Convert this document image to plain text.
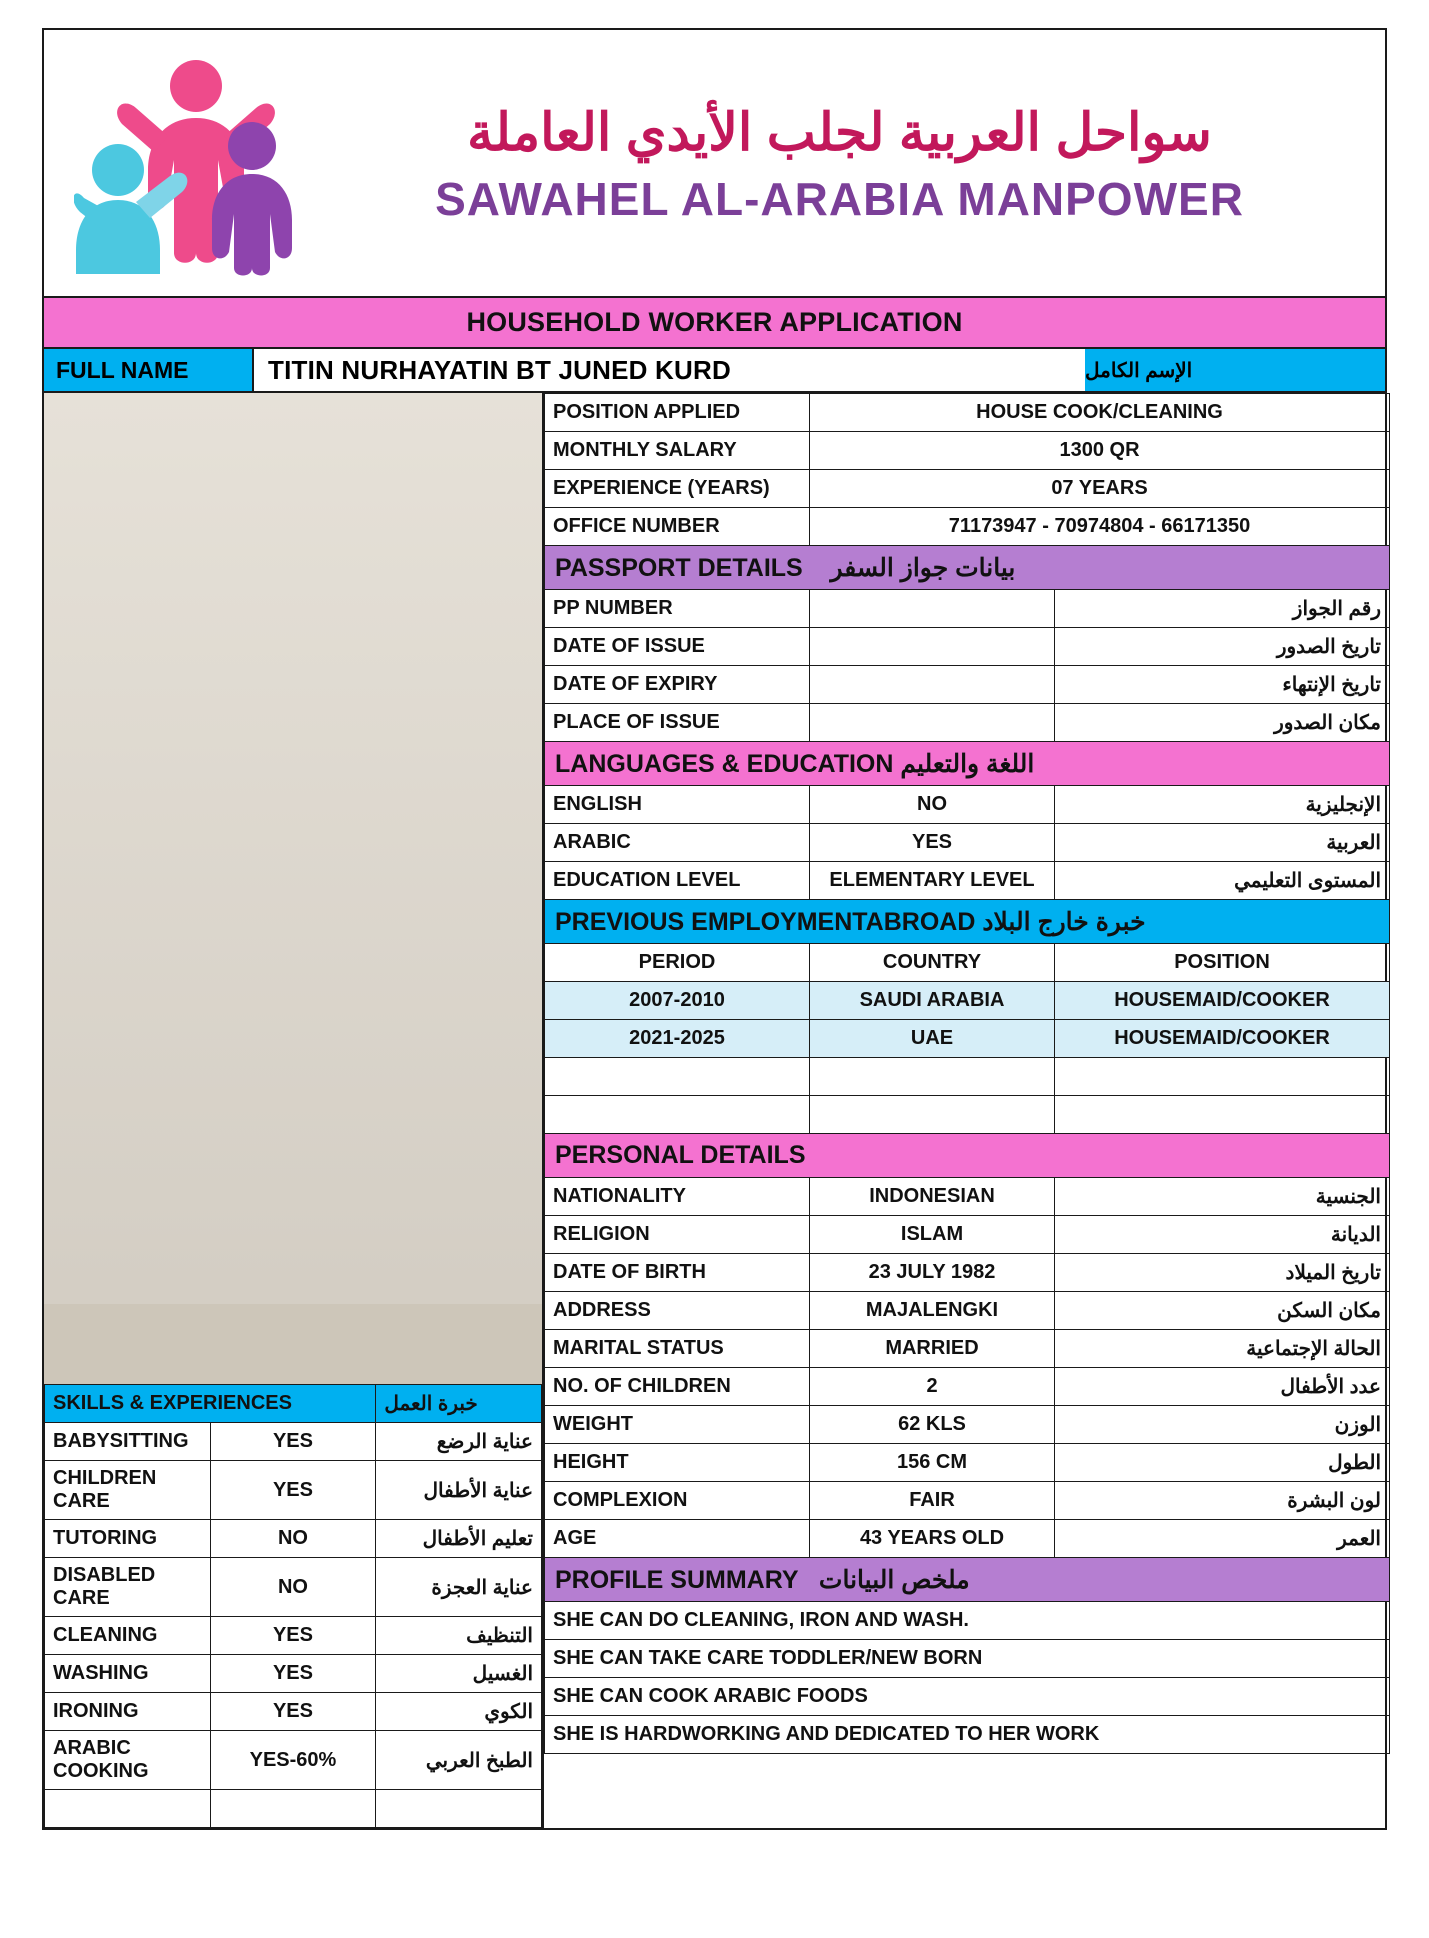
سواحل العربية لجلب الأيدي العاملة
SAWAHEL AL-ARABIA MANPOWER
HOUSEHOLD WORKER APPLICATION
FULL NAME	TITIN NURHAYATIN BT JUNED KURD	الإسم الكامل
SKILLS & EXPERIENCES		خبرة العمل
BABYSITTING	YES	عناية الرضع
CHILDREN CARE	YES	عناية الأطفال
TUTORING	NO	تعليم الأطفال
DISABLED CARE	NO	عناية العجزة
CLEANING	YES	التنظيف
WASHING	YES	الغسيل
IRONING	YES	الكوي
ARABIC COOKING	YES-60%	الطبخ العربي

POSITION APPLIED	HOUSE COOK/CLEANING	
MONTHLY SALARY	1300 QR	
EXPERIENCE (YEARS)	07 YEARS	
OFFICE NUMBER	71173947 - 70974804 - 66171350	
PASSPORT DETAILS بيانات جواز السفر		
PP NUMBER		رقم الجواز
DATE OF ISSUE		تاريخ الصدور
DATE OF EXPIRY		تاريخ الإنتهاء
PLACE OF ISSUE		مكان الصدور
LANGUAGES & EDUCATION اللغة والتعليم		
ENGLISH	NO	الإنجليزية
ARABIC	YES	العربية
EDUCATION LEVEL	ELEMENTARY LEVEL	المستوى التعليمي
PREVIOUS EMPLOYMENTABROAD خبرة خارج البلاد		
PERIOD	COUNTRY	POSITION
2007-2010	SAUDI ARABIA	HOUSEMAID/COOKER
2021-2025	UAE	HOUSEMAID/COOKER

PERSONAL DETAILS		
NATIONALITY	INDONESIAN	الجنسية
RELIGION	ISLAM	الديانة
DATE OF BIRTH	23 JULY 1982	تاريخ الميلاد
ADDRESS	MAJALENGKI	مكان السكن
MARITAL STATUS	MARRIED	الحالة الإجتماعية
NO. OF CHILDREN	2	عدد الأطفال
WEIGHT	62 KLS	الوزن
HEIGHT	156 CM	الطول
COMPLEXION	FAIR	لون البشرة
AGE	43 YEARS OLD	العمر
PROFILE SUMMARY ملخص البيانات		
SHE CAN DO CLEANING, IRON AND WASH.		
SHE CAN TAKE CARE TODDLER/NEW BORN		
SHE CAN COOK ARABIC FOODS		
SHE IS HARDWORKING AND DEDICATED TO HER WORK		
